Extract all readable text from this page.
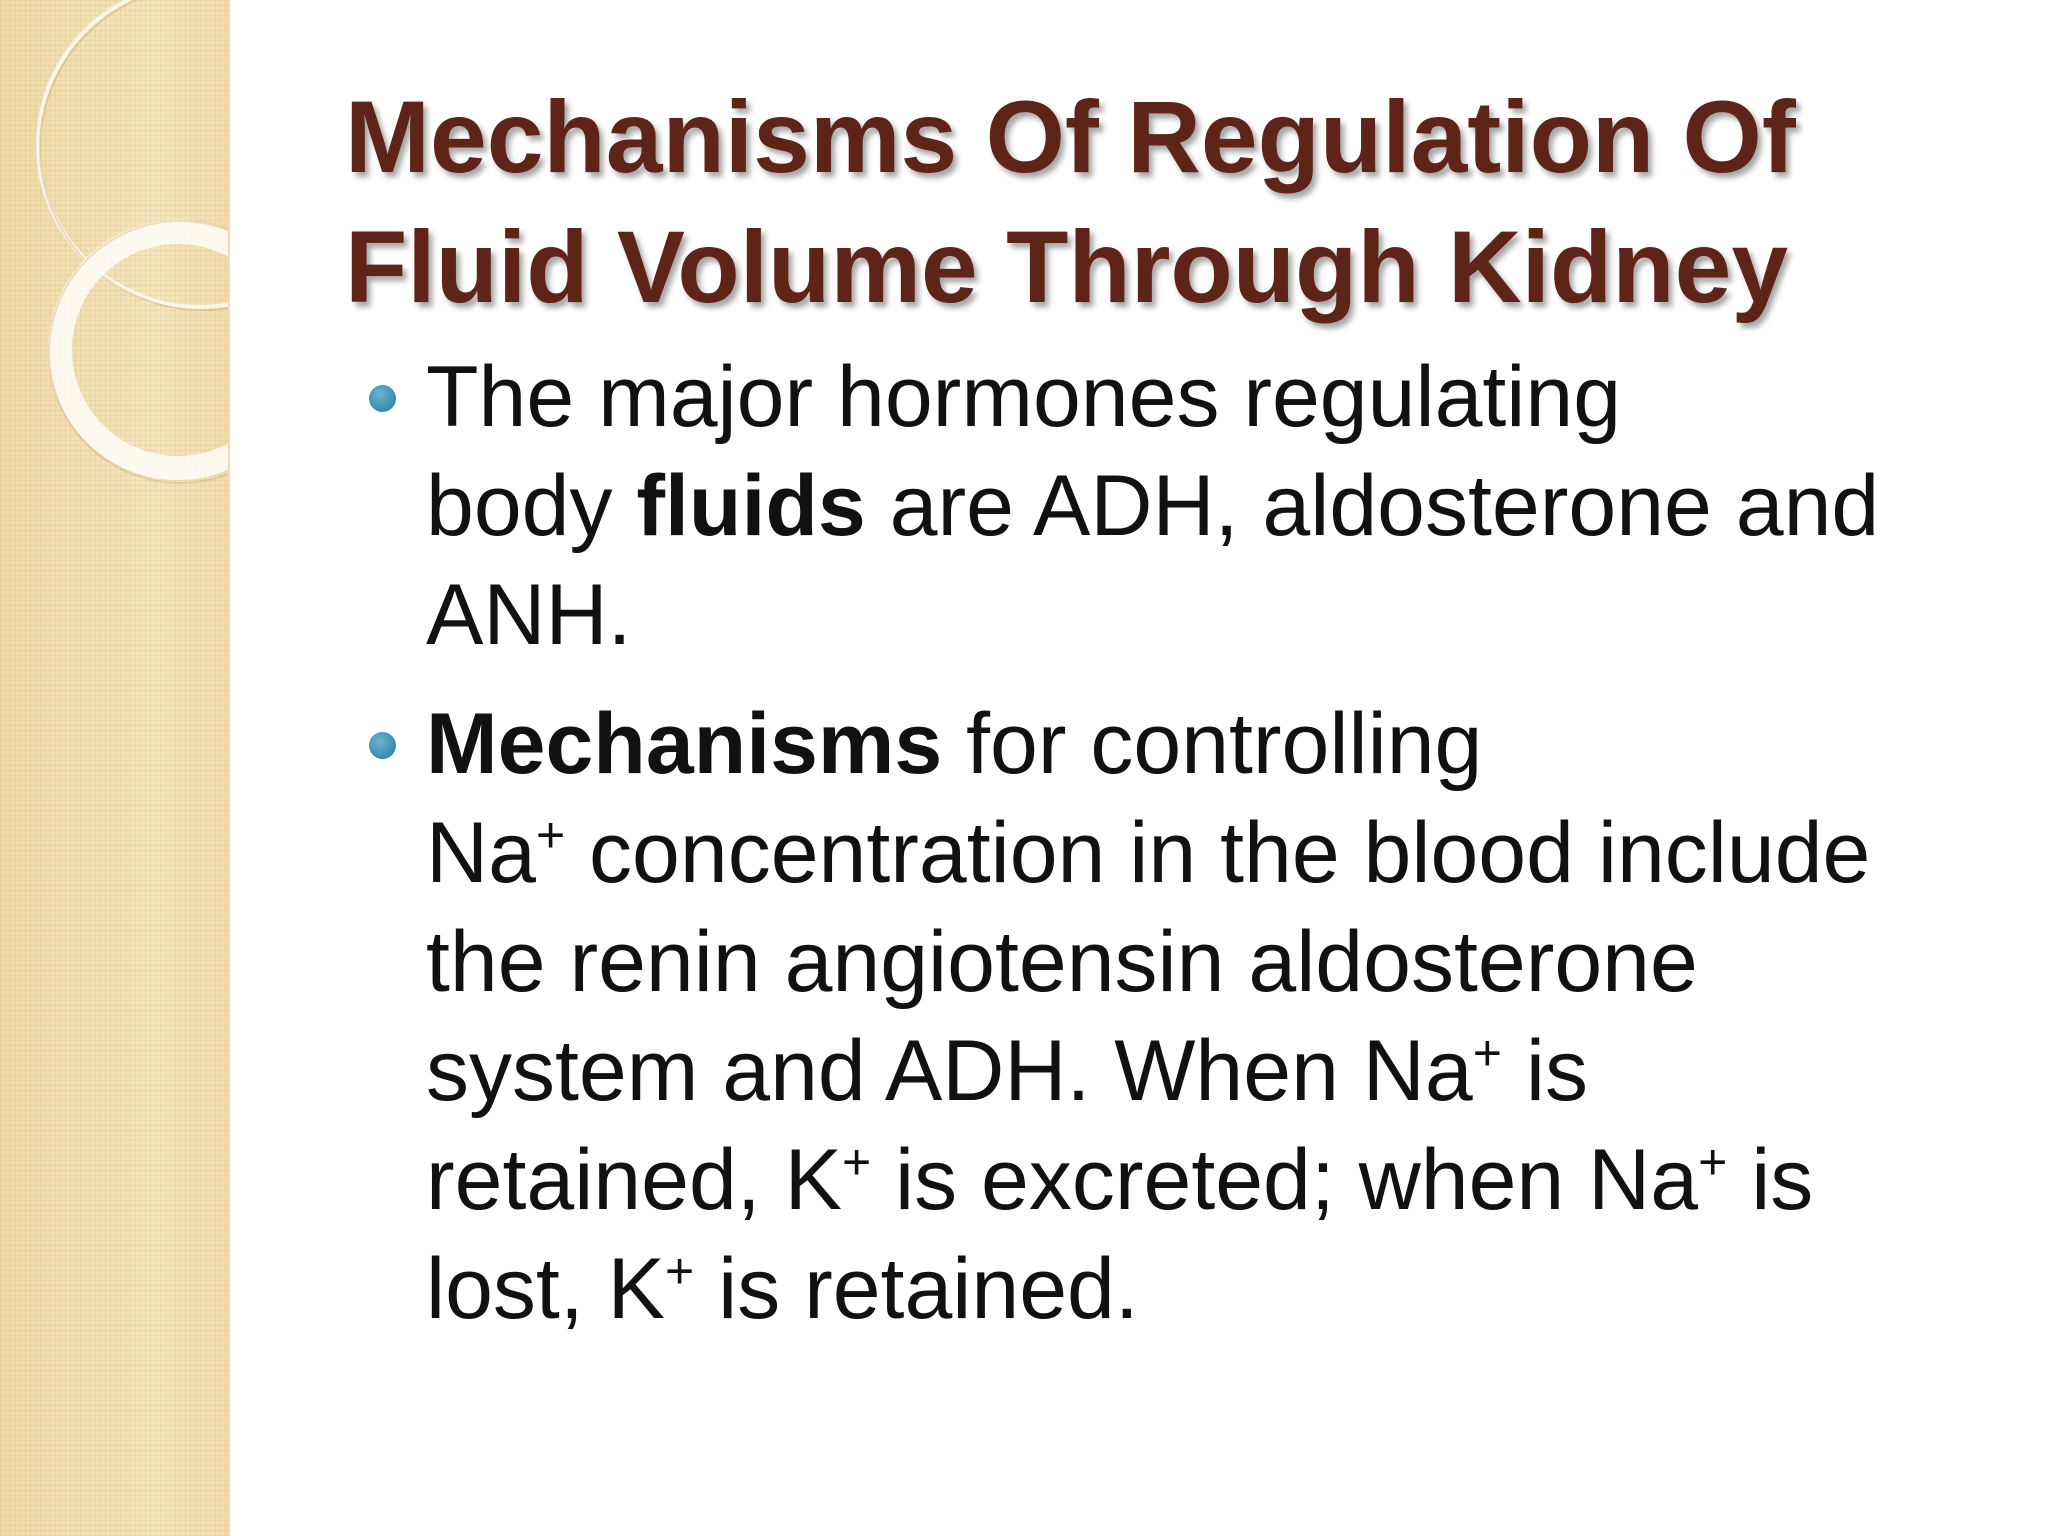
Mechanisms Of Regulation Of
Fluid Volume Through Kidney
The major hormones regulating
body fluids are ADH, aldosterone and
ANH.
Mechanisms for controlling
Na+ concentration in the blood include
the renin angiotensin aldosterone
system and ADH. When Na+ is
retained, K+ is excreted; when Na+ is
lost, K+ is retained.
